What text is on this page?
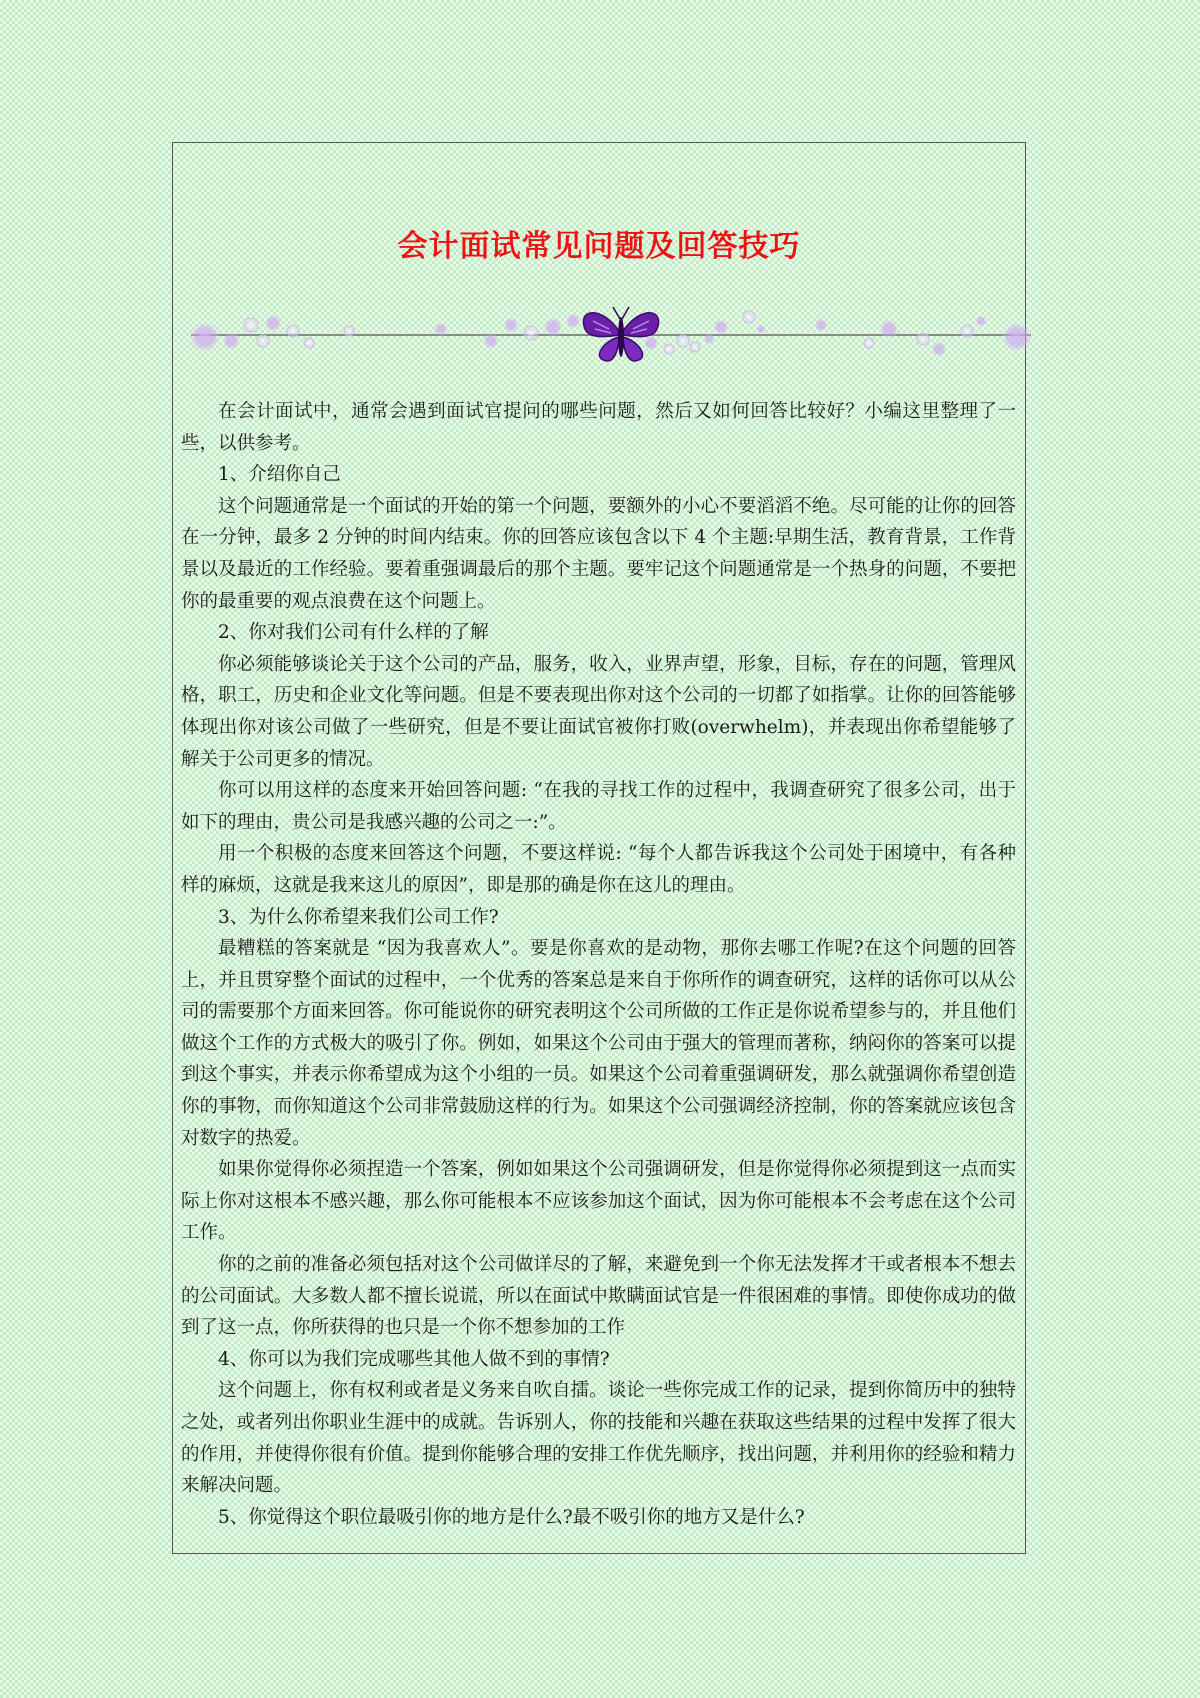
会计面试常见问题及回答技巧

在会计面试中，通常会遇到面试官提问的哪些问题，然后又如何回答比较好？小编这里整理了一些，以供参考。

1、介绍你自己

这个问题通常是一个面试的开始的第一个问题，要额外的小心不要滔滔不绝。尽可能的让你的回答在一分钟，最多 2 分钟的时间内结束。你的回答应该包含以下 4 个主题:早期生活，教育背景，工作背景以及最近的工作经验。要着重强调最后的那个主题。要牢记这个问题通常是一个热身的问题，不要把你的最重要的观点浪费在这个问题上。

2、你对我们公司有什么样的了解

你必须能够谈论关于这个公司的产品，服务，收入，业界声望，形象，目标，存在的问题，管理风格，职工，历史和企业文化等问题。但是不要表现出你对这个公司的一切都了如指掌。让你的回答能够体现出你对该公司做了一些研究，但是不要让面试官被你打败(overwhelm)，并表现出你希望能够了解关于公司更多的情况。

你可以用这样的态度来开始回答问题: “在我的寻找工作的过程中，我调查研究了很多公司，出于如下的理由，贵公司是我感兴趣的公司之一:”。

用一个积极的态度来回答这个问题，不要这样说: “每个人都告诉我这个公司处于困境中，有各种样的麻烦，这就是我来这儿的原因”，即是那的确是你在这儿的理由。

3、为什么你希望来我们公司工作?

最糟糕的答案就是 “因为我喜欢人”。要是你喜欢的是动物，那你去哪工作呢?在这个问题的回答上，并且贯穿整个面试的过程中，一个优秀的答案总是来自于你所作的调查研究，这样的话你可以从公司的需要那个方面来回答。你可能说你的研究表明这个公司所做的工作正是你说希望参与的，并且他们做这个工作的方式极大的吸引了你。例如，如果这个公司由于强大的管理而著称，纳闷你的答案可以提到这个事实，并表示你希望成为这个小组的一员。如果这个公司着重强调研发，那么就强调你希望创造你的事物，而你知道这个公司非常鼓励这样的行为。如果这个公司强调经济控制，你的答案就应该包含对数字的热爱。

如果你觉得你必须捏造一个答案，例如如果这个公司强调研发，但是你觉得你必须提到这一点而实际上你对这根本不感兴趣，那么你可能根本不应该参加这个面试，因为你可能根本不会考虑在这个公司工作。

你的之前的准备必须包括对这个公司做详尽的了解，来避免到一个你无法发挥才干或者根本不想去的公司面试。大多数人都不擅长说谎，所以在面试中欺瞒面试官是一件很困难的事情。即使你成功的做到了这一点，你所获得的也只是一个你不想参加的工作

4、你可以为我们完成哪些其他人做不到的事情?

这个问题上，你有权利或者是义务来自吹自擂。谈论一些你完成工作的记录，提到你简历中的独特之处，或者列出你职业生涯中的成就。告诉别人，你的技能和兴趣在获取这些结果的过程中发挥了很大的作用，并使得你很有价值。提到你能够合理的安排工作优先顺序，找出问题，并利用你的经验和精力来解决问题。

5、你觉得这个职位最吸引你的地方是什么?最不吸引你的地方又是什么?
